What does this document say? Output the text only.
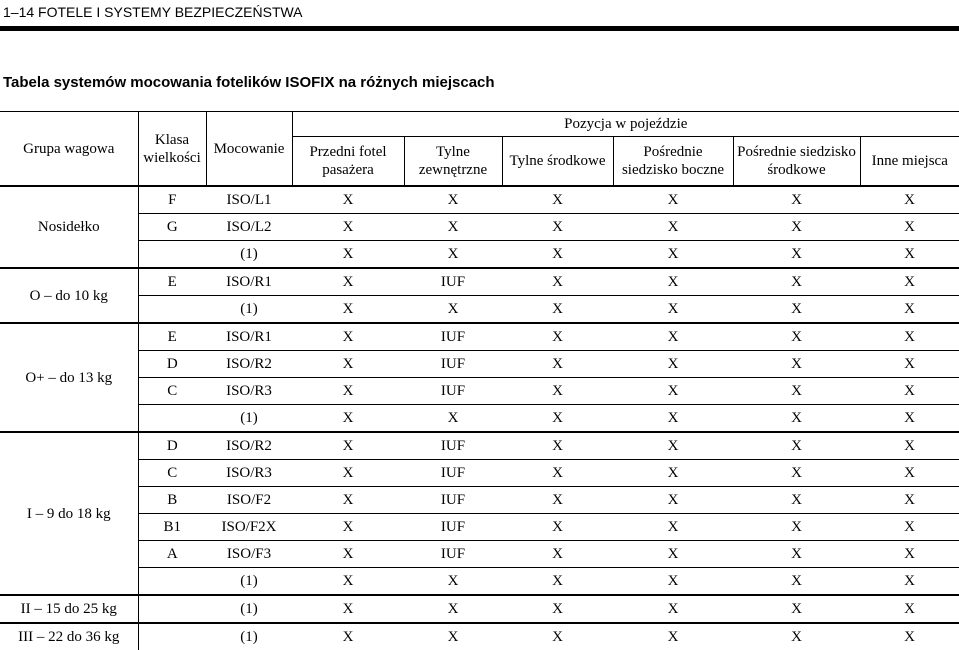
1–14 FOTELE I SYSTEMY BEZPIECZEŃSTWA
Tabela systemów mocowania fotelików ISOFIX na różnych miejscach
Grupa wagowa	Klasa wielkości	Mocowanie	Pozycja w pojeździe					
			Przedni fotel pasażera	Tylne zewnętrzne	Tylne środkowe	Pośrednie siedzisko boczne	Pośrednie siedzisko środkowe	Inne miejsca
Nosidełko	F	ISO/L1	X	X	X	X	X	X
	G	ISO/L2	X	X	X	X	X	X
		(1)	X	X	X	X	X	X
O – do 10 kg	E	ISO/R1	X	IUF	X	X	X	X
		(1)	X	X	X	X	X	X
O+ – do 13 kg	E	ISO/R1	X	IUF	X	X	X	X
	D	ISO/R2	X	IUF	X	X	X	X
	C	ISO/R3	X	IUF	X	X	X	X
		(1)	X	X	X	X	X	X
I – 9 do 18 kg	D	ISO/R2	X	IUF	X	X	X	X
	C	ISO/R3	X	IUF	X	X	X	X
	B	ISO/F2	X	IUF	X	X	X	X
	B1	ISO/F2X	X	IUF	X	X	X	X
	A	ISO/F3	X	IUF	X	X	X	X
		(1)	X	X	X	X	X	X
II – 15 do 25 kg		(1)	X	X	X	X	X	X
III – 22 do 36 kg		(1)	X	X	X	X	X	X
